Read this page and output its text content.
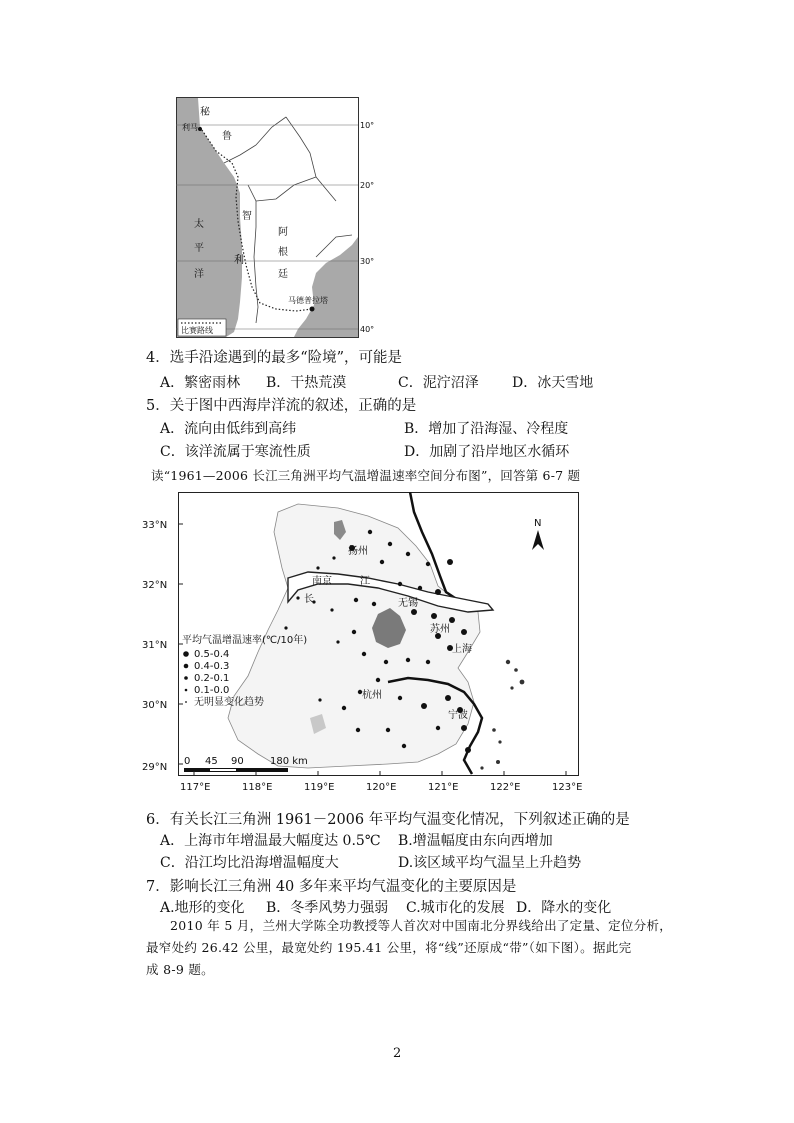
秘
利马
鲁
太
平
洋
智
利
阿
根
廷
马德普拉塔
10°
20°
30°
40°
比赛路线
4．选手沿途遇到的最多“险境”，可能是
A．繁密雨林 B．干热荒漠	C．泥泞沼泽 D．冰天雪地
5．关于图中西海岸洋流的叙述，正确的是
A．流向由低纬到高纬	B．增加了沿海湿、冷程度
C．该洋流属于寒流性质	D．加剧了沿岸地区水循环
读“1961—2006 长江三角洲平均气温增温速率空间分布图”，回答第 6-7 题
扬州
南京	江
长	无锡
苏州
上海
杭州
宁波
N
平均气温增温速率(℃/10年)
0.5-0.4
0.4-0.3
0.2-0.1
0.1-0.0
无明显变化趋势
0 45 90	180 km
33°N
32°N
31°N
30°N
29°N
117°E	118°E	119°E	120°E	121°E	122°E	123°E
6．有关长江三角洲 1961－2006 年平均气温变化情况，下列叙述正确的是
A．上海市年增温最大幅度达 0.5℃ B.增温幅度由东向西增加
C．沿江均比沿海增温幅度大	D.该区域平均气温呈上升趋势
7．影响长江三角洲 40 多年来平均气温变化的主要原因是
A.地形的变化 B．冬季风势力强弱 C.城市化的发展 D．降水的变化
2010 年 5 月，兰州大学陈全功教授等人首次对中国南北分界线给出了定量、定位分析，
最窄处约 26.42 公里，最宽处约 195.41 公里，将“线”还原成“带”（如下图）。据此完
成 8-9 题。
2
